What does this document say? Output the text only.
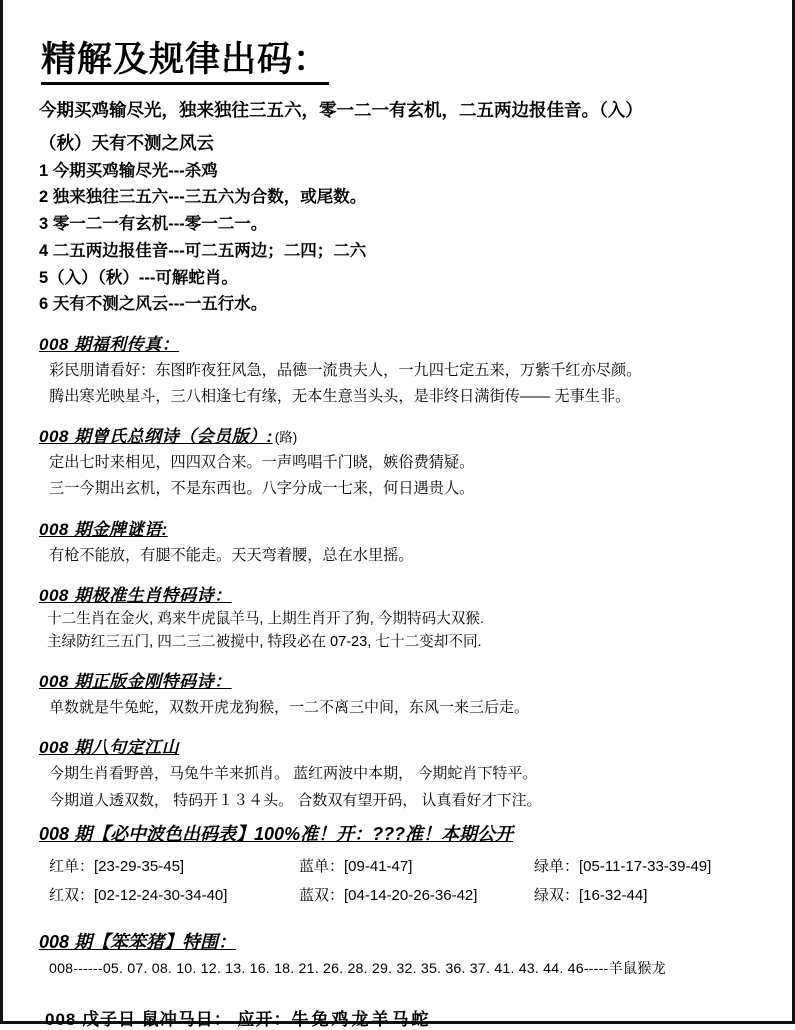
精解及规律出码：
今期买鸡输尽光，独来独往三五六，零一二一有玄机，二五两边报佳音。（入）
（秋）天有不测之风云
1 今期买鸡输尽光---杀鸡
2 独来独往三五六---三五六为合数，或尾数。
3 零一二一有玄机---零一二一。
4 二五两边报佳音---可二五两边；二四；二六
5（入）（秋）---可解蛇肖。
6 天有不测之风云---一五行水。
008 期福利传真：
彩民朋请看好：东图昨夜狂风急，品德一流贵夫人，一九四七定五来，万紫千红亦尽颜。
腾出寒光映星斗，三八相逢七有缘，无本生意当头头，是非终日满街传—— 无事生非。
008 期曾氏总纲诗（会员版）: (路)
定出七时来相见，四四双合来。一声鸣唱千门晓，嫉俗费猜疑。
三一今期出玄机，不是东西也。八字分成一七来，何日遇贵人。
008 期金牌谜语:
有枪不能放，有腿不能走。天天弯着腰，总在水里摇。
008 期极准生肖特码诗：
十二生肖在金火, 鸡来牛虎鼠羊马, 上期生肖开了狗, 今期特码大双猴.
主绿防红三五门, 四二三二被搅中, 特段必在 07-23, 七十二变却不同.
008 期正版金刚特码诗：
单数就是牛兔蛇，双数开虎龙狗猴，一二不离三中间，东风一来三后走。
008 期八句定江山
今期生肖看野兽，马兔牛羊来抓肖。 蓝红两波中本期， 今期蛇肖下特平。
今期道人透双数， 特码开１３４头。 合数双有望开码， 认真看好才下注。
008 期【必中波色出码表】100%准！开：???准！本期公开
红单：[23-29-35-45]	蓝单：[09-41-47]	绿单：[05-11-17-33-39-49]
红双：[02-12-24-30-34-40]	蓝双：[04-14-20-26-36-42]	绿双：[16-32-44]
008 期【笨笨猪】特围：
008------05. 07. 08. 10. 12. 13. 16. 18. 21. 26. 28. 29. 32. 35. 36. 37. 41. 43. 44. 46-----羊鼠猴龙
008 戊子日 鼠冲马日： 应开：牛兔鸡龙羊马蛇
